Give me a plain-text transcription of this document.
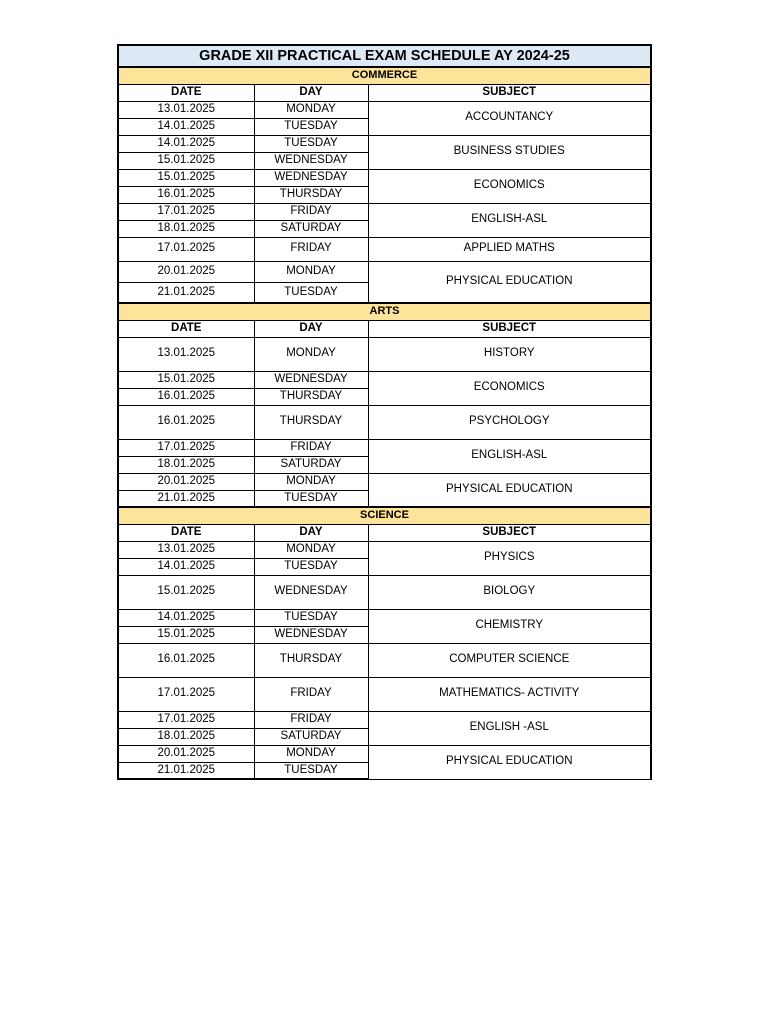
GRADE XII PRACTICAL EXAM SCHEDULE AY 2024-25		
COMMERCE		
DATE	DAY	SUBJECT
13.01.2025	MONDAY	ACCOUNTANCY
14.01.2025	TUESDAY	
14.01.2025	TUESDAY	BUSINESS STUDIES
15.01.2025	WEDNESDAY	
15.01.2025	WEDNESDAY	ECONOMICS
16.01.2025	THURSDAY	
17.01.2025	FRIDAY	ENGLISH-ASL
18.01.2025	SATURDAY	
17.01.2025	FRIDAY	APPLIED MATHS
20.01.2025	MONDAY	PHYSICAL EDUCATION
21.01.2025	TUESDAY	
ARTS		
DATE	DAY	SUBJECT
13.01.2025	MONDAY	HISTORY
15.01.2025	WEDNESDAY	ECONOMICS
16.01.2025	THURSDAY	
16.01.2025	THURSDAY	PSYCHOLOGY
17.01.2025	FRIDAY	ENGLISH-ASL
18.01.2025	SATURDAY	
20.01.2025	MONDAY	PHYSICAL EDUCATION
21.01.2025	TUESDAY	
SCIENCE		
DATE	DAY	SUBJECT
13.01.2025	MONDAY	PHYSICS
14.01.2025	TUESDAY	
15.01.2025	WEDNESDAY	BIOLOGY
14.01.2025	TUESDAY	CHEMISTRY
15.01.2025	WEDNESDAY	
16.01.2025	THURSDAY	COMPUTER SCIENCE
17.01.2025	FRIDAY	MATHEMATICS- ACTIVITY
17.01.2025	FRIDAY	ENGLISH -ASL
18.01.2025	SATURDAY	
20.01.2025	MONDAY	PHYSICAL EDUCATION
21.01.2025	TUESDAY	
